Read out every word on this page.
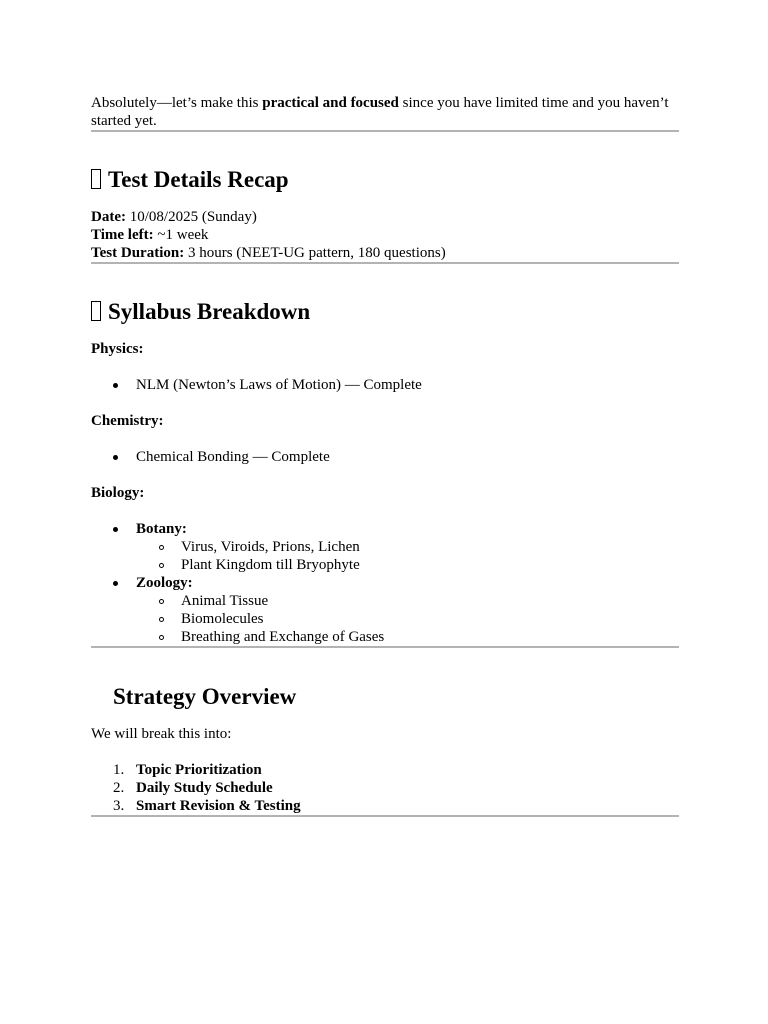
Absolutely—let’s make this practical and focused since you have limited time and you haven’t started yet.

Test Details Recap
Date: 10/08/2025 (Sunday)
Time left: ~1 week
Test Duration: 3 hours (NEET-UG pattern, 180 questions)
Syllabus Breakdown
Physics:
NLM (Newton’s Laws of Motion) — Complete
Chemistry:
Chemical Bonding — Complete
Biology:
Botany:
Virus, Viroids, Prions, Lichen
Plant Kingdom till Bryophyte
Zoology:
Animal Tissue
Biomolecules
Breathing and Exchange of Gases
Strategy Overview

We will break this into:

1. Topic Prioritization
2. Daily Study Schedule
3. Smart Revision & Testing
